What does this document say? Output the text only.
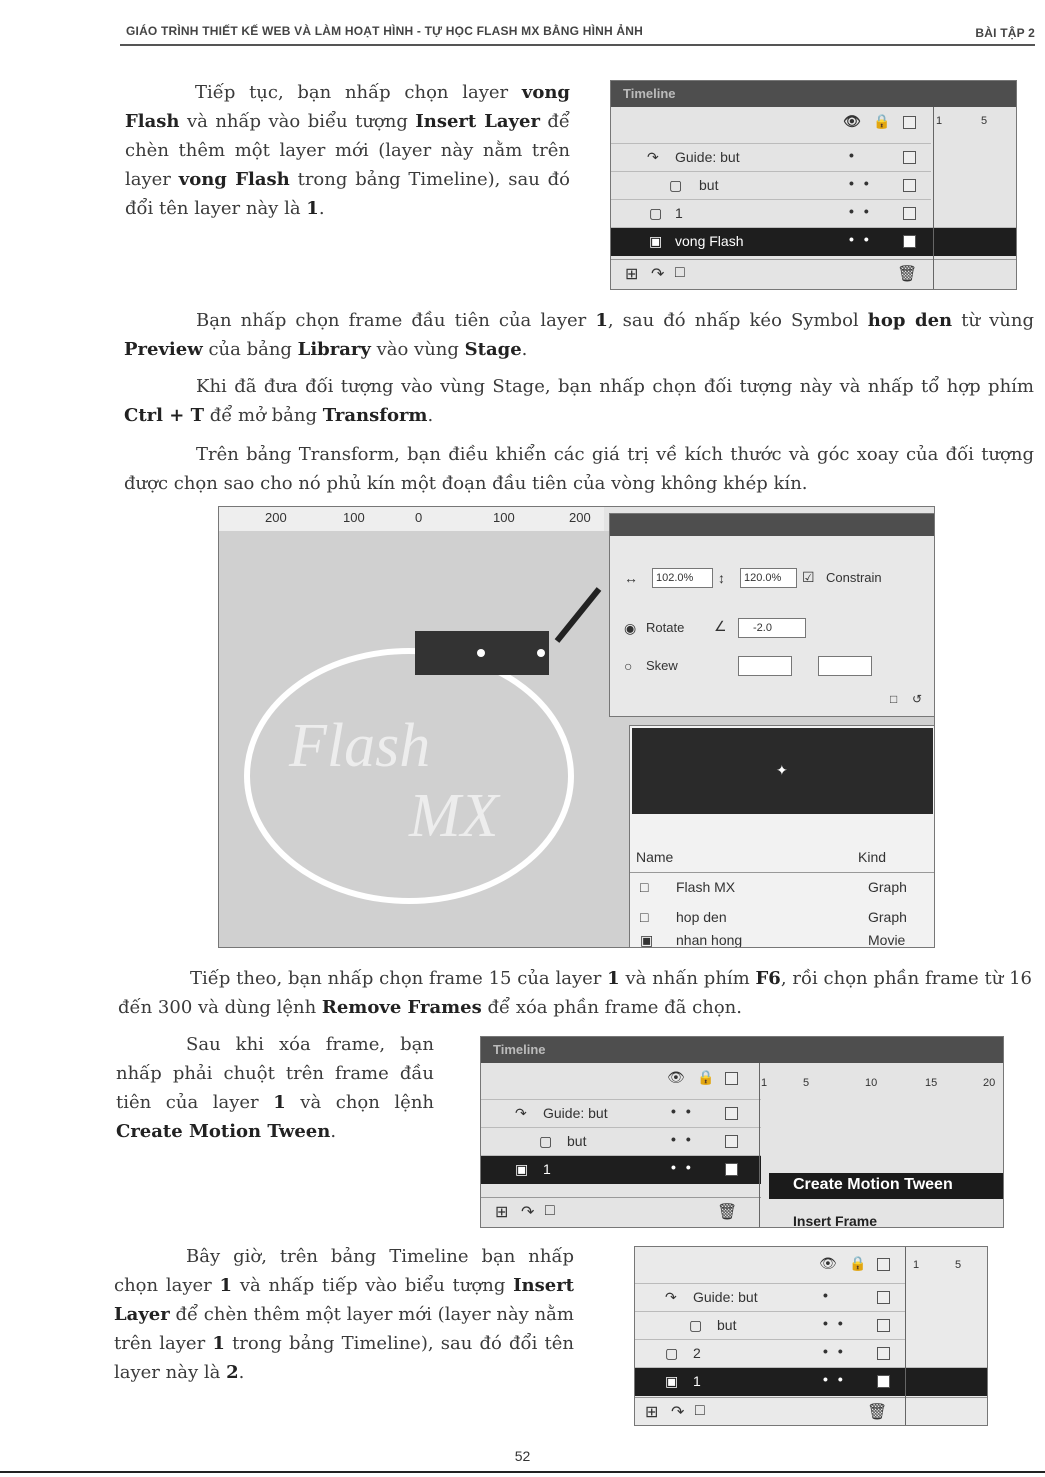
GIÁO TRÌNH THIẾT KẾ WEB VÀ LÀM HOẠT HÌNH - TỰ HỌC FLASH MX BẰNG HÌNH ẢNH	BÀI TẬP 2
Tiếp tục, bạn nhấp chọn layer vong Flash và nhấp vào biểu tượng Insert Layer để chèn thêm một layer mới (layer này nằm trên layer vong Flash trong bảng Timeline), sau đó đổi tên layer này là 1.
Timeline
👁 🔒	1	5
↷ Guide: but	•
▢ but	••
▢ 1	••
▣ vong Flash	••
⊞ ↷ □	🗑
Bạn nhấp chọn frame đầu tiên của layer 1, sau đó nhấp kéo Symbol hop den từ vùng Preview của bảng Library vào vùng Stage.
Khi đã đưa đối tượng vào vùng Stage, bạn nhấp chọn đối tượng này và nhấp tổ hợp phím Ctrl + T để mở bảng Transform.
Trên bảng Transform, bạn điều khiển các giá trị về kích thước và góc xoay của đối tượng được chọn sao cho nó phủ kín một đoạn đầu tiên của vòng không khép kín.
200	100	0	100	200
Flash
MX
↔	102.0%	↕	120.0%	☑ Constrain
◉ Rotate ∠	-2.0
○ Skew
□ ↺
✦
Name	Kind
□ Flash MX	Graph
□ hop den	Graph
▣ nhan hong	Movie
Tiếp theo, bạn nhấp chọn frame 15 của layer 1 và nhấn phím F6, rồi chọn phần frame từ 16 đến 300 và dùng lệnh Remove Frames để xóa phần frame đã chọn.
Sau khi xóa frame, bạn nhấp phải chuột trên frame đầu tiên của layer 1 và chọn lệnh Create Motion Tween.
Timeline
👁 🔒	1	5	10	15	20
↷ Guide: but	••
▢ but	••
▣ 1	••
⊞ ↷ □	🗑
Create Motion Tween
Insert Frame
Bây giờ, trên bảng Timeline bạn nhấp chọn layer 1 và nhấp tiếp vào biểu tượng Insert Layer để chèn thêm một layer mới (layer này nằm trên layer 1 trong bảng Timeline), sau đó đổi tên layer này là 2.
👁 🔒	1	5
↷ Guide: but	•
▢ but	••
▢ 2	••
▣ 1	••
⊞ ↷ □	🗑
52
